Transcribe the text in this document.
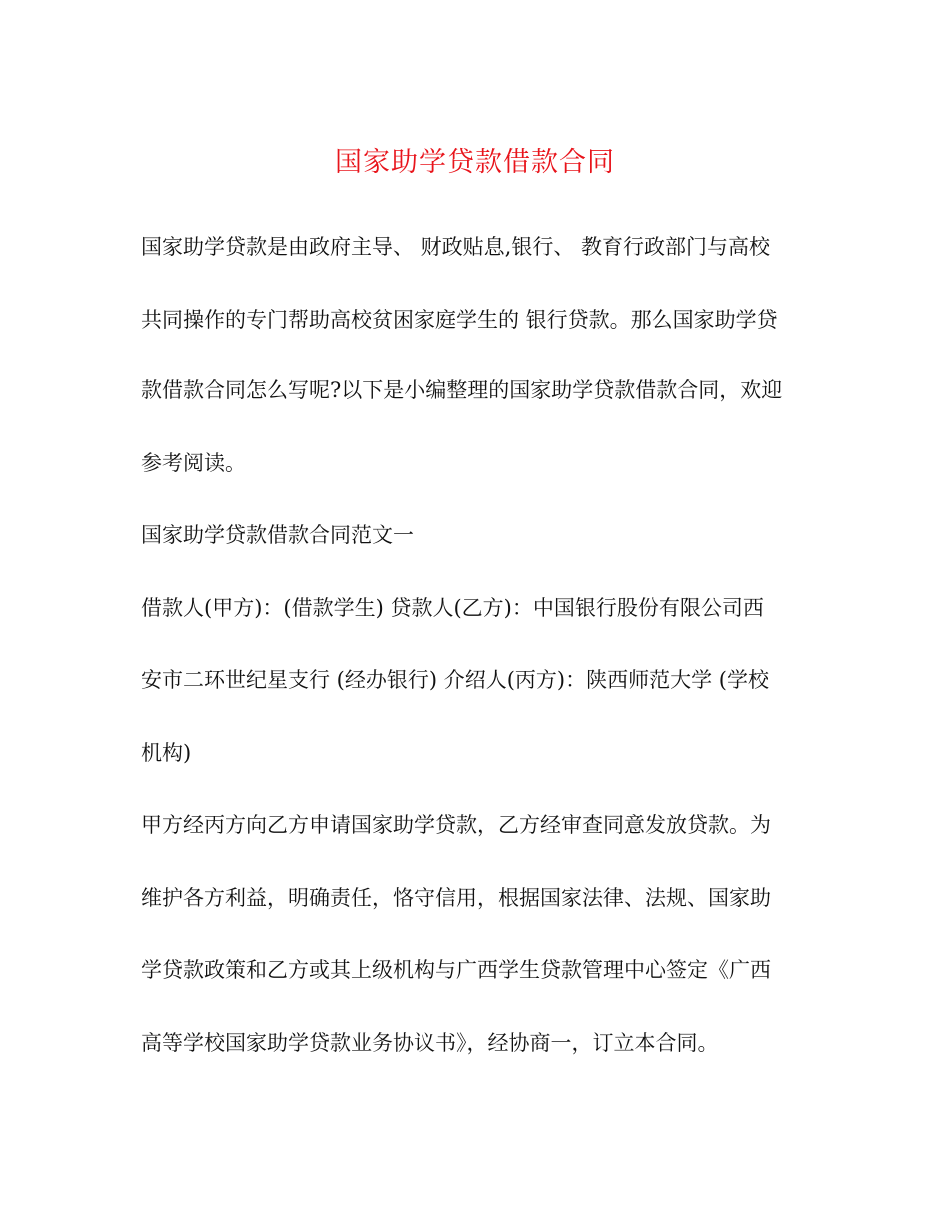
国家助学贷款借款合同

国家助学贷款是由政府主导、 财政贴息,银行、 教育行政部门与高校

共同操作的专门帮助高校贫困家庭学生的 银行贷款。那么国家助学贷

款借款合同怎么写呢?以下是小编整理的国家助学贷款借款合同，欢迎

参考阅读。

国家助学贷款借款合同范文一

借款人(甲方)：(借款学生) 贷款人(乙方)：中国银行股份有限公司西

安市二环世纪星支行 (经办银行) 介绍人(丙方)：陕西师范大学 (学校

机构)

甲方经丙方向乙方申请国家助学贷款，乙方经审查同意发放贷款。为

维护各方利益，明确责任，恪守信用，根据国家法律、法规、国家助

学贷款政策和乙方或其上级机构与广西学生贷款管理中心签定《广西

高等学校国家助学贷款业务协议书》，经协商一，订立本合同。
